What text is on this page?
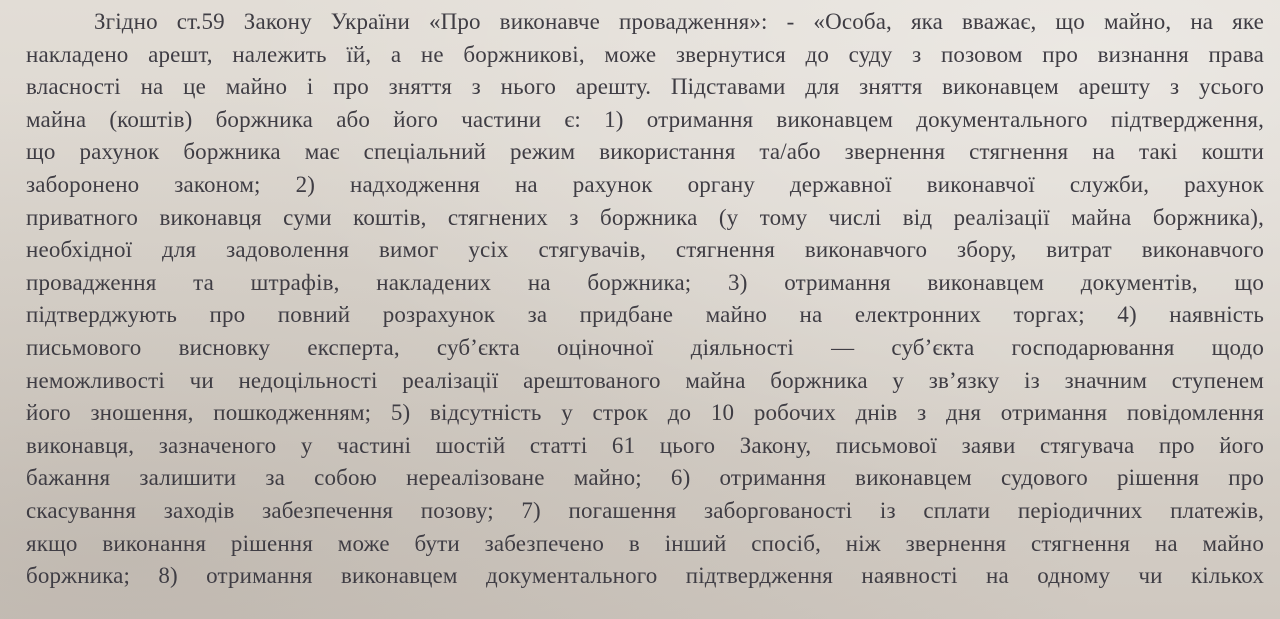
Згідно ст.59 Закону України «Про виконавче провадження»: - «Особа, яка вважає, що майно, на яке
накладено арешт, належить їй, а не боржникові, може звернутися до суду з позовом про визнання права
власності на це майно і про зняття з нього арешту. Підставами для зняття виконавцем арешту з усього
майна (коштів) боржника або його частини є: 1) отримання виконавцем документального підтвердження,
що рахунок боржника має спеціальний режим використання та/або звернення стягнення на такі кошти
заборонено законом; 2) надходження на рахунок органу державної виконавчої служби, рахунок
приватного виконавця суми коштів, стягнених з боржника (у тому числі від реалізації майна боржника),
необхідної для задоволення вимог усіх стягувачів, стягнення виконавчого збору, витрат виконавчого
провадження та штрафів, накладених на боржника; 3) отримання виконавцем документів, що
підтверджують про повний розрахунок за придбане майно на електронних торгах; 4) наявність
письмового висновку експерта, суб’єкта оціночної діяльності — суб’єкта господарювання щодо
неможливості чи недоцільності реалізації арештованого майна боржника у зв’язку із значним ступенем
його зношення, пошкодженням; 5) відсутність у строк до 10 робочих днів з дня отримання повідомлення
виконавця, зазначеного у частині шостій статті 61 цього Закону, письмової заяви стягувача про його
бажання залишити за собою нереалізоване майно; 6) отримання виконавцем судового рішення про
скасування заходів забезпечення позову; 7) погашення заборгованості із сплати періодичних платежів,
якщо виконання рішення може бути забезпечено в інший спосіб, ніж звернення стягнення на майно
боржника; 8) отримання виконавцем документального підтвердження наявності на одному чи кількох
